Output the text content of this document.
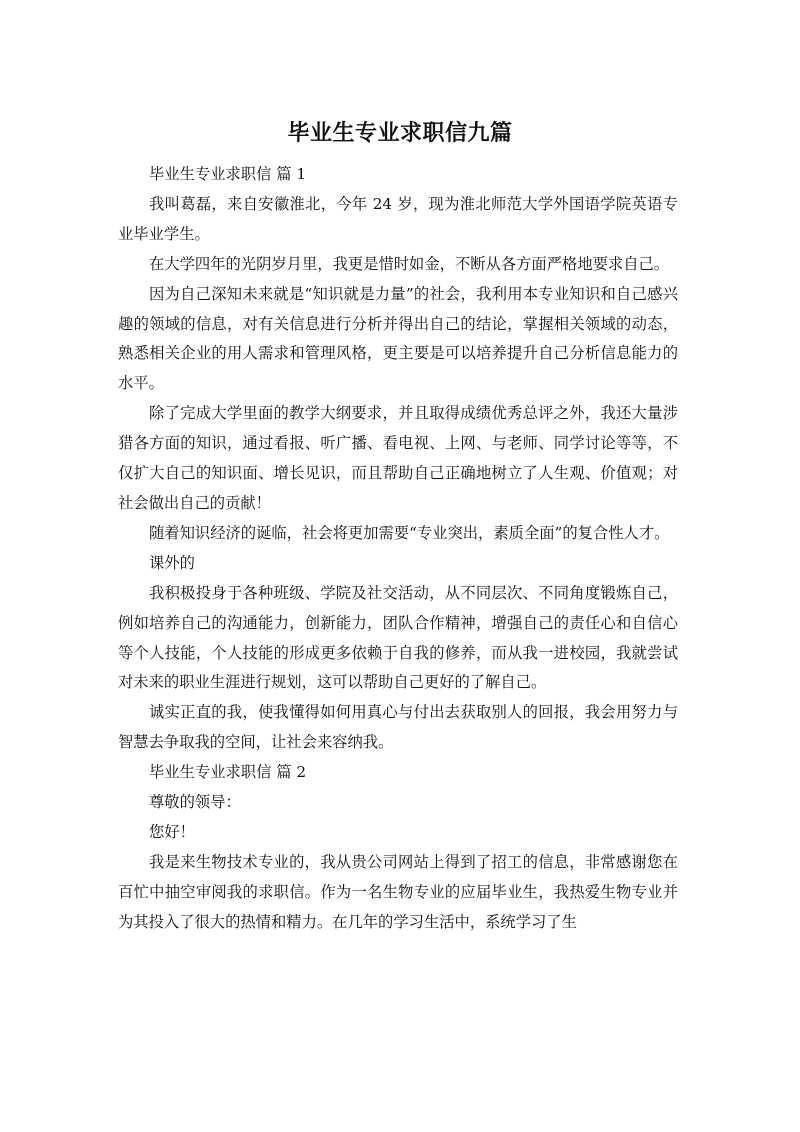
毕业生专业求职信九篇

毕业生专业求职信 篇 1

我叫葛磊，来自安徽淮北，今年 24 岁，现为淮北师范大学外国语学院英语专业毕业学生。

在大学四年的光阴岁月里，我更是惜时如金，不断从各方面严格地要求自己。

因为自己深知未来就是“知识就是力量”的社会，我利用本专业知识和自己感兴趣的领域的信息，对有关信息进行分析并得出自己的结论，掌握相关领域的动态，熟悉相关企业的用人需求和管理风格，更主要是可以培养提升自己分析信息能力的水平。

除了完成大学里面的教学大纲要求，并且取得成绩优秀总评之外，我还大量涉猎各方面的知识，通过看报、听广播、看电视、上网、与老师、同学讨论等等，不仅扩大自己的知识面、增长见识，而且帮助自己正确地树立了人生观、价值观；对社会做出自己的贡献！

随着知识经济的诞临，社会将更加需要“专业突出，素质全面”的复合性人才。

课外的

我积极投身于各种班级、学院及社交活动，从不同层次、不同角度锻炼自己，例如培养自己的沟通能力，创新能力，团队合作精神，增强自己的责任心和自信心等个人技能，个人技能的形成更多依赖于自我的修养，而从我一进校园，我就尝试对未来的职业生涯进行规划，这可以帮助自己更好的了解自己。

诚实正直的我，使我懂得如何用真心与付出去获取别人的回报，我会用努力与智慧去争取我的空间，让社会来容纳我。

毕业生专业求职信 篇 2

尊敬的领导：

您好！

我是来生物技术专业的，我从贵公司网站上得到了招工的信息，非常感谢您在百忙中抽空审阅我的求职信。作为一名生物专业的应届毕业生，我热爱生物专业并为其投入了很大的热情和精力。在几年的学习生活中，系统学习了生
